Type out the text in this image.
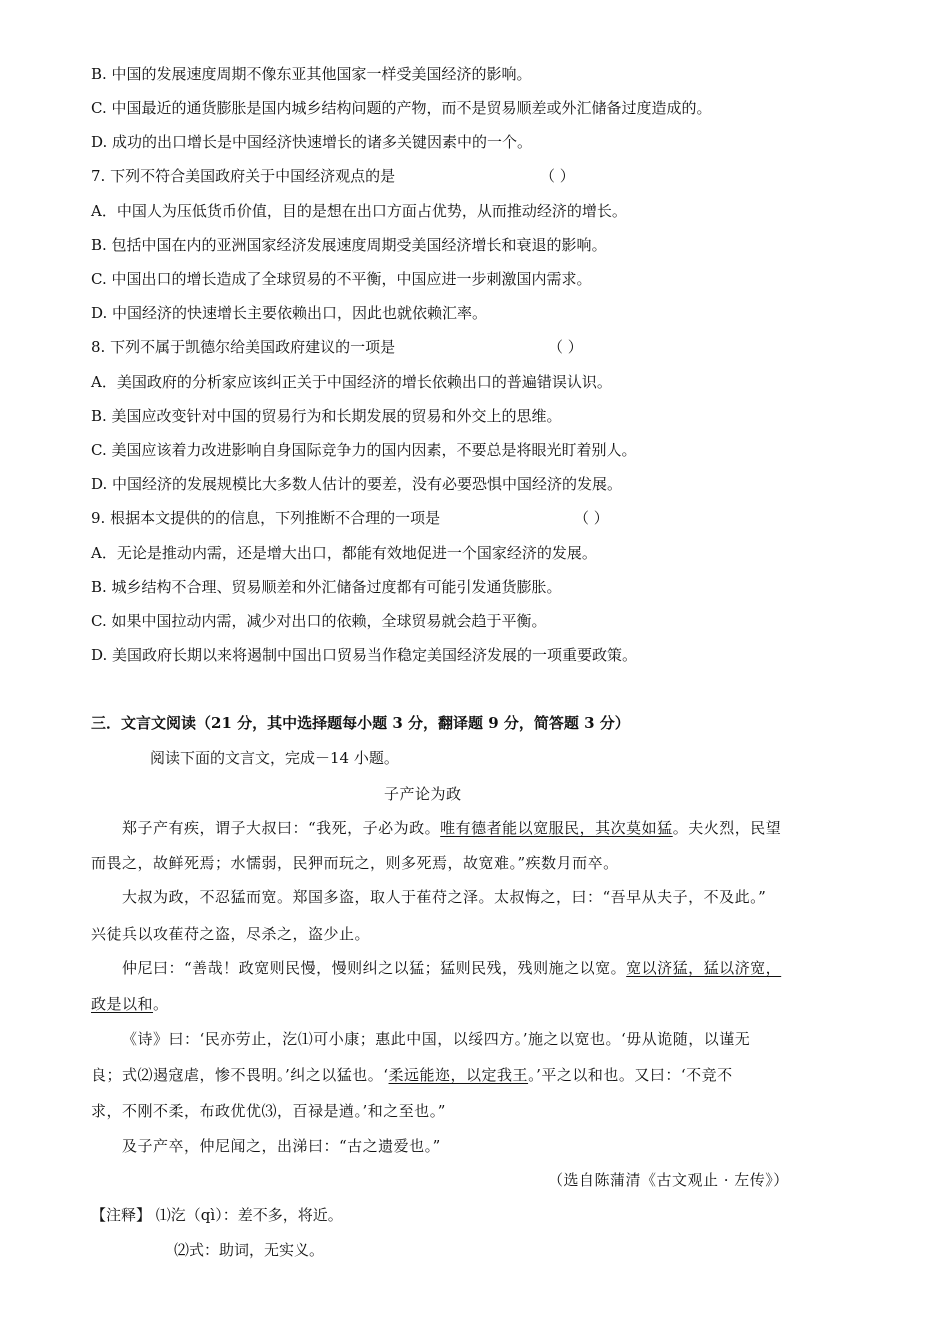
B. 中国的发展速度周期不像东亚其他国家一样受美国经济的影响。
C. 中国最近的通货膨胀是国内城乡结构问题的产物，而不是贸易顺差或外汇储备过度造成的。
D. 成功的出口增长是中国经济快速增长的诸多关键因素中的一个。
7. 下列不符合美国政府关于中国经济观点的是	（ ）
A．中国人为压低货币价值，目的是想在出口方面占优势，从而推动经济的增长。
B. 包括中国在内的亚洲国家经济发展速度周期受美国经济增长和衰退的影响。
C. 中国出口的增长造成了全球贸易的不平衡，中国应进一步刺激国内需求。
D. 中国经济的快速增长主要依赖出口，因此也就依赖汇率。
8. 下列不属于凯德尔给美国政府建议的一项是	（ ）
A．美国政府的分析家应该纠正关于中国经济的增长依赖出口的普遍错误认识。
B. 美国应改变针对中国的贸易行为和长期发展的贸易和外交上的思维。
C. 美国应该着力改进影响自身国际竞争力的国内因素，不要总是将眼光盯着别人。
D. 中国经济的发展规模比大多数人估计的要差，没有必要恐惧中国经济的发展。
9. 根据本文提供的的信息，下列推断不合理的一项是	（ ）
A．无论是推动内需，还是增大出口，都能有效地促进一个国家经济的发展。
B. 城乡结构不合理、贸易顺差和外汇储备过度都有可能引发通货膨胀。
C. 如果中国拉动内需，减少对出口的依赖，全球贸易就会趋于平衡。
D. 美国政府长期以来将遏制中国出口贸易当作稳定美国经济发展的一项重要政策。
三．文言文阅读（21 分，其中选择题每小题 3 分，翻译题 9 分，简答题 3 分）
阅读下面的文言文，完成－14 小题。
子产论为政
郑子产有疾，谓子大叔曰：“我死，子必为政。唯有德者能以宽服民，其次莫如猛。夫火烈，民望
而畏之，故鲜死焉；水懦弱，民狎而玩之，则多死焉，故宽难。”疾数月而卒。
大叔为政，不忍猛而宽。郑国多盗，取人于萑苻之泽。太叔悔之，曰：“吾早从夫子，不及此。”
兴徒兵以攻萑苻之盗，尽杀之，盗少止。
仲尼曰：“善哉！政宽则民慢，慢则纠之以猛；猛则民残，残则施之以宽。宽以济猛，猛以济宽，
政是以和。
《诗》曰：‘民亦劳止，汔⑴可小康；惠此中国，以绥四方。’施之以宽也。‘毋从诡随，以谨无
良；式⑵遏寇虐，惨不畏明。’纠之以猛也。‘柔远能迩，以定我王。’平之以和也。又曰：‘不竞不
求，不刚不柔，布政优优⑶，百禄是遒。’和之至也。”
及子产卒，仲尼闻之，出涕曰：“古之遗爱也。”
（选自陈蒲清《古文观止 · 左传》）
【注释】 ⑴汔（qì）：差不多，将近。
⑵式：助词，无实义。
